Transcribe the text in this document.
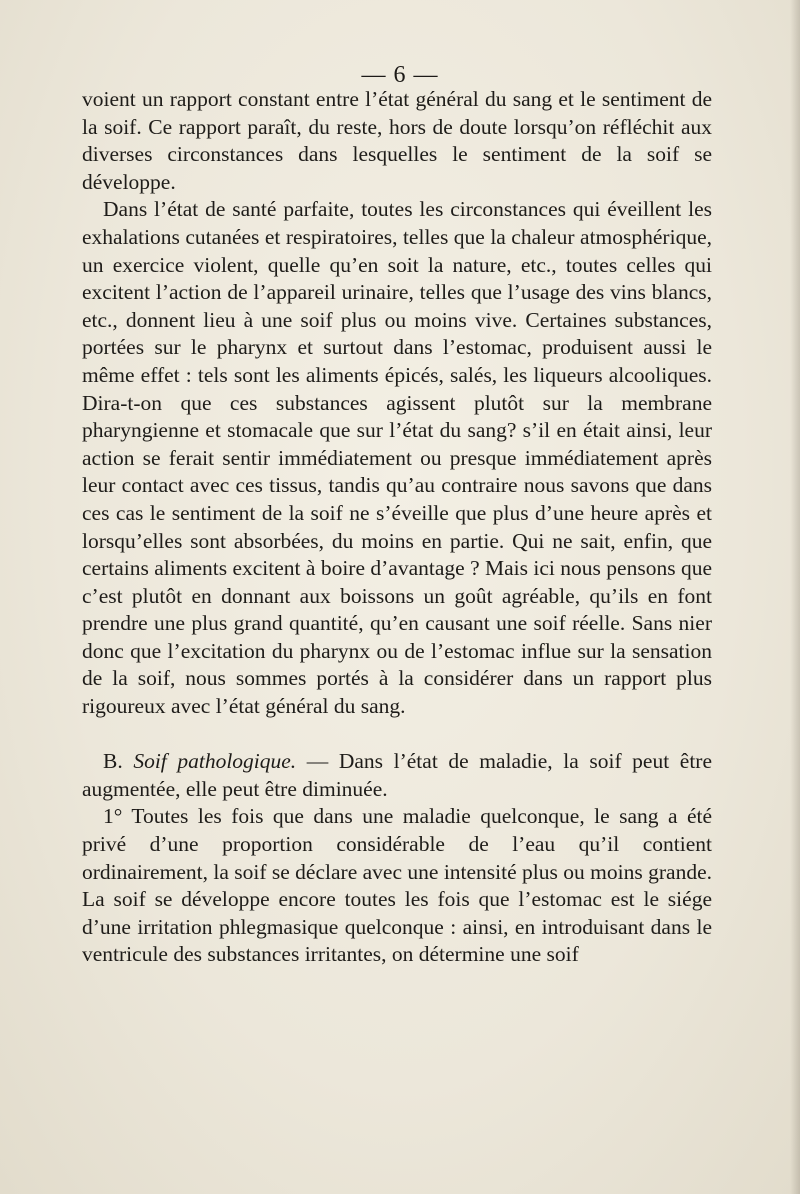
— 6 —

voient un rapport constant entre l’état général du sang et le sentiment de la soif. Ce rapport paraît, du reste, hors de doute lorsqu’on réfléchit aux diverses circonstances dans lesquelles le sentiment de la soif se développe.

Dans l’état de santé parfaite, toutes les circonstances qui éveillent les exhalations cutanées et respiratoires, telles que la chaleur atmosphérique, un exercice violent, quelle qu’en soit la nature, etc., toutes celles qui excitent l’action de l’appareil urinaire, telles que l’usage des vins blancs, etc., donnent lieu à une soif plus ou moins vive. Certaines substances, portées sur le pharynx et surtout dans l’estomac, produisent aussi le même effet : tels sont les aliments épicés, salés, les liqueurs alcooliques. Dira-t-on que ces substances agissent plutôt sur la membrane pharyngienne et stomacale que sur l’état du sang? s’il en était ainsi, leur action se ferait sentir immédiatement ou presque immédiatement après leur contact avec ces tissus, tandis qu’au contraire nous savons que dans ces cas le sentiment de la soif ne s’éveille que plus d’une heure après et lorsqu’elles sont absorbées, du moins en partie. Qui ne sait, enfin, que certains aliments excitent à boire d’avantage ? Mais ici nous pensons que c’est plutôt en donnant aux boissons un goût agréable, qu’ils en font prendre une plus grand quantité, qu’en causant une soif réelle. Sans nier donc que l’excitation du pharynx ou de l’estomac influe sur la sensation de la soif, nous sommes portés à la considérer dans un rapport plus rigoureux avec l’état général du sang.

B. Soif pathologique. — Dans l’état de maladie, la soif peut être augmentée, elle peut être diminuée.

1° Toutes les fois que dans une maladie quelconque, le sang a été privé d’une proportion considérable de l’eau qu’il contient ordinairement, la soif se déclare avec une intensité plus ou moins grande. La soif se développe encore toutes les fois que l’estomac est le siége d’une irritation phlegmasique quelconque : ainsi, en introduisant dans le ventricule des substances irritantes, on détermine une soif
